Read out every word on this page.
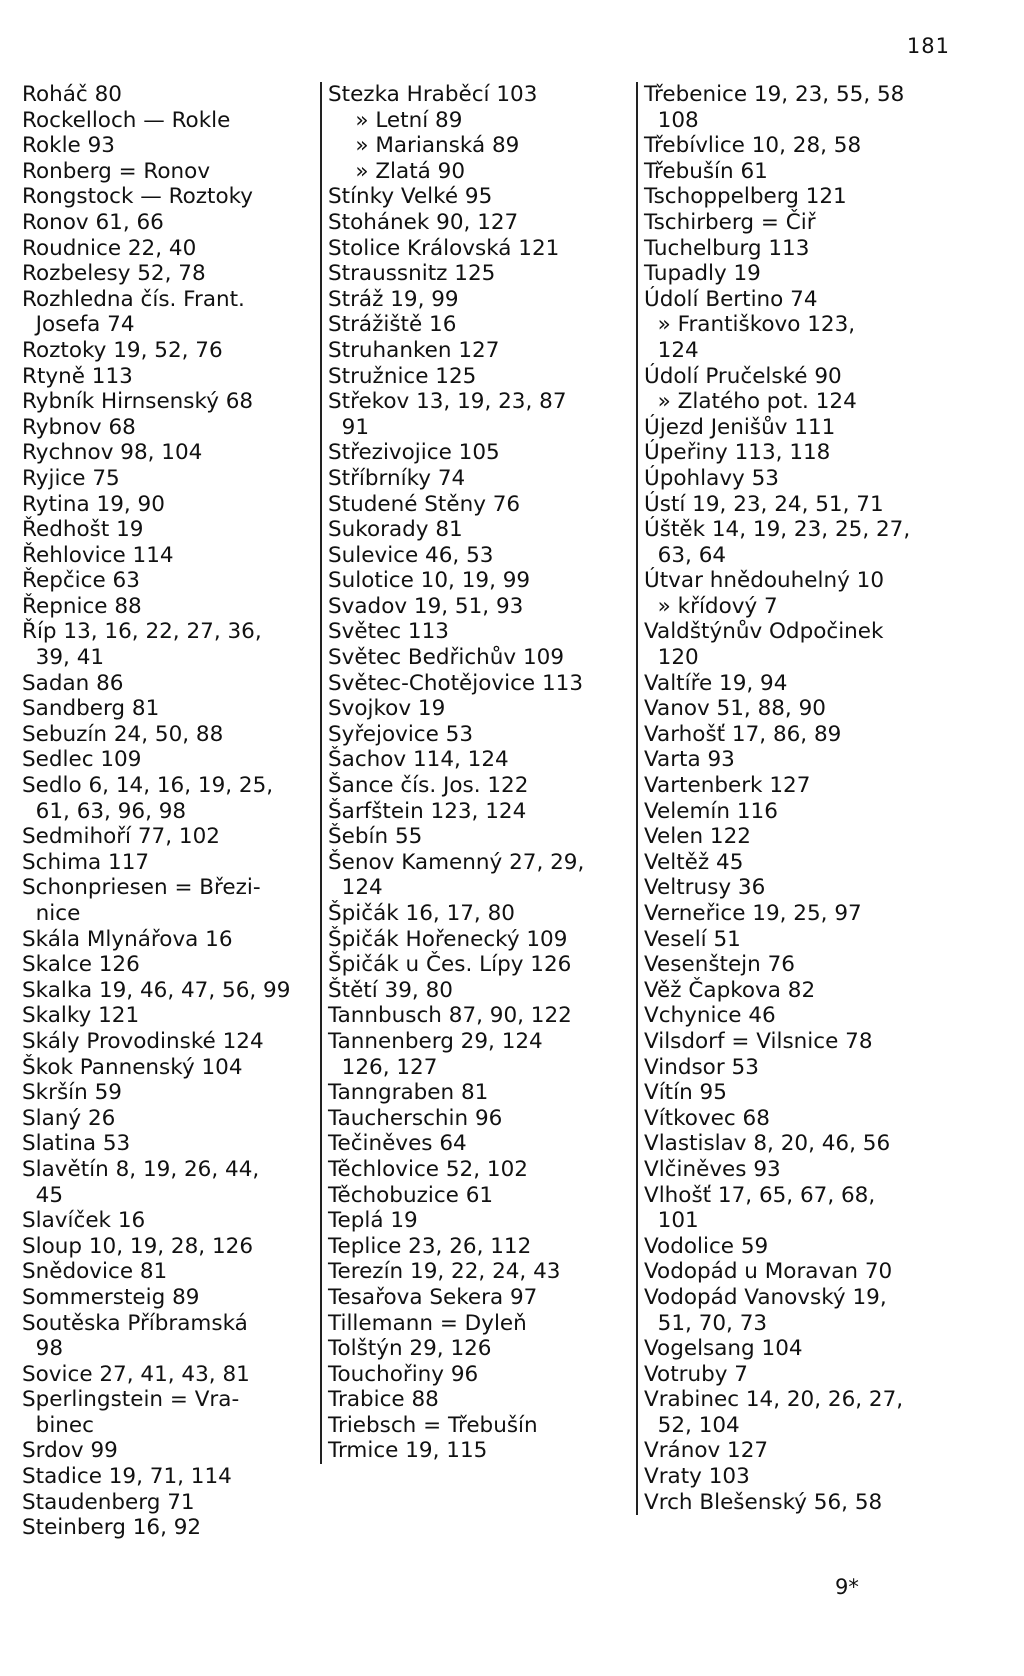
181
Roháč 80
Rockelloch — Rokle
Rokle 93
Ronberg = Ronov
Rongstock — Roztoky
Ronov 61, 66
Roudnice 22, 40
Rozbelesy 52, 78
Rozhledna čís. Frant.
Josefa 74
Roztoky 19, 52, 76
Rtyně 113
Rybník Hirnsenský 68
Rybnov 68
Rychnov 98, 104
Ryjice 75
Rytina 19, 90
Ředhošt 19
Řehlovice 114
Řepčice 63
Řepnice 88
Říp 13, 16, 22, 27, 36,
39, 41
Sadan 86
Sandberg 81
Sebuzín 24, 50, 88
Sedlec 109
Sedlo 6, 14, 16, 19, 25,
61, 63, 96, 98
Sedmihoří 77, 102
Schima 117
Schonpriesen = Březi-
nice
Skála Mlynářova 16
Skalce 126
Skalka 19, 46, 47, 56, 99
Skalky 121
Skály Provodinské 124
Škok Pannenský 104
Skršín 59
Slaný 26
Slatina 53
Slavětín 8, 19, 26, 44,
45
Slavíček 16
Sloup 10, 19, 28, 126
Snědovice 81
Sommersteig 89
Soutěska Příbramská
98
Sovice 27, 41, 43, 81
Sperlingstein = Vra-
binec
Srdov 99
Stadice 19, 71, 114
Staudenberg 71
Steinberg 16, 92
Stezka Hraběcí 103
» Letní 89
» Marianská 89
» Zlatá 90
Stínky Velké 95
Stohánek 90, 127
Stolice Královská 121
Straussnitz 125
Stráž 19, 99
Strážiště 16
Struhanken 127
Stružnice 125
Střekov 13, 19, 23, 87
91
Střezivojice 105
Stříbrníky 74
Studené Stěny 76
Sukorady 81
Sulevice 46, 53
Sulotice 10, 19, 99
Svadov 19, 51, 93
Světec 113
Světec Bedřichův 109
Světec-Chotějovice 113
Svojkov 19
Syřejovice 53
Šachov 114, 124
Šance čís. Jos. 122
Šarfštein 123, 124
Šebín 55
Šenov Kamenný 27, 29,
124
Špičák 16, 17, 80
Špičák Hořenecký 109
Špičák u Čes. Lípy 126
Štětí 39, 80
Tannbusch 87, 90, 122
Tannenberg 29, 124
126, 127
Tanngraben 81
Taucherschin 96
Tečiněves 64
Těchlovice 52, 102
Těchobuzice 61
Teplá 19
Teplice 23, 26, 112
Terezín 19, 22, 24, 43
Tesařova Sekera 97
Tillemann = Dyleň
Tolštýn 29, 126
Touchořiny 96
Trabice 88
Triebsch = Třebušín
Trmice 19, 115
Třebenice 19, 23, 55, 58
108
Třebívlice 10, 28, 58
Třebušín 61
Tschoppelberg 121
Tschirberg = Čiř
Tuchelburg 113
Tupadly 19
Údolí Bertino 74
» Františkovo 123,
124
Údolí Pručelské 90
» Zlatého pot. 124
Újezd Jenišův 111
Úpeřiny 113, 118
Úpohlavy 53
Ústí 19, 23, 24, 51, 71
Úštěk 14, 19, 23, 25, 27,
63, 64
Útvar hnědouhelný 10
» křídový 7
Valdštýnův Odpočinek
120
Valtíře 19, 94
Vanov 51, 88, 90
Varhošť 17, 86, 89
Varta 93
Vartenberk 127
Velemín 116
Velen 122
Veltěž 45
Veltrusy 36
Verneřice 19, 25, 97
Veselí 51
Vesenštejn 76
Věž Čapkova 82
Vchynice 46
Vilsdorf = Vilsnice 78
Vindsor 53
Vítín 95
Vítkovec 68
Vlastislav 8, 20, 46, 56
Vlčiněves 93
Vlhošť 17, 65, 67, 68,
101
Vodolice 59
Vodopád u Moravan 70
Vodopád Vanovský 19,
51, 70, 73
Vogelsang 104
Votruby 7
Vrabinec 14, 20, 26, 27,
52, 104
Vránov 127
Vraty 103
Vrch Blešenský 56, 58
9*
